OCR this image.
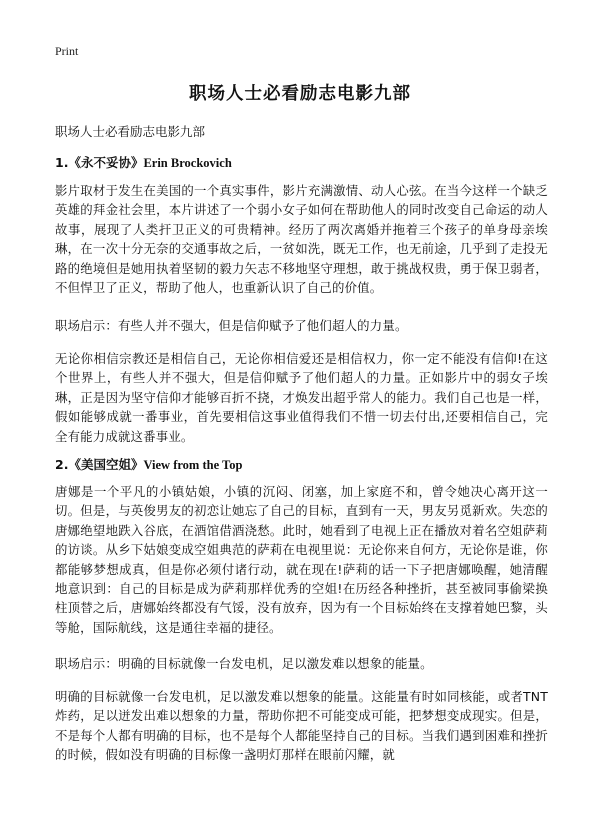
Print
职场人士必看励志电影九部
职场人士必看励志电影九部
1.《永不妥协》Erin Brockovich
影片取材于发生在美国的一个真实事件，影片充满激情、动人心弦。在当今这样一个缺乏英雄的拜金社会里，本片讲述了一个弱小女子如何在帮助他人的同时改变自己命运的动人故事，展现了人类扞卫正义的可贵精神。经历了两次离婚并拖着三个孩子的单身母亲埃琳，在一次十分无奈的交通事故之后，一贫如洗，既无工作，也无前途，几乎到了走投无路的绝境但是她用执着坚韧的毅力矢志不移地坚守理想，敢于挑战权贵，勇于保卫弱者，不但悍卫了正义，帮助了他人，也重新认识了自己的价值。
职场启示：有些人并不强大，但是信仰赋予了他们超人的力量。
无论你相信宗教还是相信自己，无论你相信爱还是相信权力，你一定不能没有信仰!在这个世界上，有些人并不强大，但是信仰赋予了他们超人的力量。正如影片中的弱女子埃琳，正是因为坚守信仰才能够百折不挠，才焕发出超乎常人的能力。我们自己也是一样，假如能够成就一番事业，首先要相信这事业值得我们不惜一切去付出,还要相信自己，完全有能力成就这番事业。
2.《美国空姐》View from the Top
唐娜是一个平凡的小镇姑娘，小镇的沉闷、闭塞，加上家庭不和，曾令她决心离开这一切。但是，与英俊男友的初恋让她忘了自己的目标，直到有一天，男友另觅新欢。失恋的唐娜绝望地跌入谷底，在酒馆借酒浇愁。此时，她看到了电视上正在播放对着名空姐萨莉的访谈。从乡下姑娘变成空姐典范的萨莉在电视里说：无论你来自何方，无论你是谁，你都能够梦想成真，但是你必须付诸行动，就在现在!萨莉的话一下子把唐娜唤醒，她清醒地意识到：自己的目标是成为萨莉那样优秀的空姐!在历经各种挫折，甚至被同事偷梁换柱顶替之后，唐娜始终都没有气馁，没有放弃，因为有一个目标始终在支撑着她巴黎，头等舱，国际航线，这是通往幸福的捷径。
职场启示：明确的目标就像一台发电机，足以激发难以想象的能量。
明确的目标就像一台发电机，足以激发难以想象的能量。这能量有时如同核能，或者TNT炸药，足以迸发出难以想象的力量，帮助你把不可能变成可能，把梦想变成现实。但是，不是每个人都有明确的目标，也不是每个人都能坚持自己的目标。当我们遇到困难和挫折的时候，假如没有明确的目标像一盏明灯那样在眼前闪耀，就
